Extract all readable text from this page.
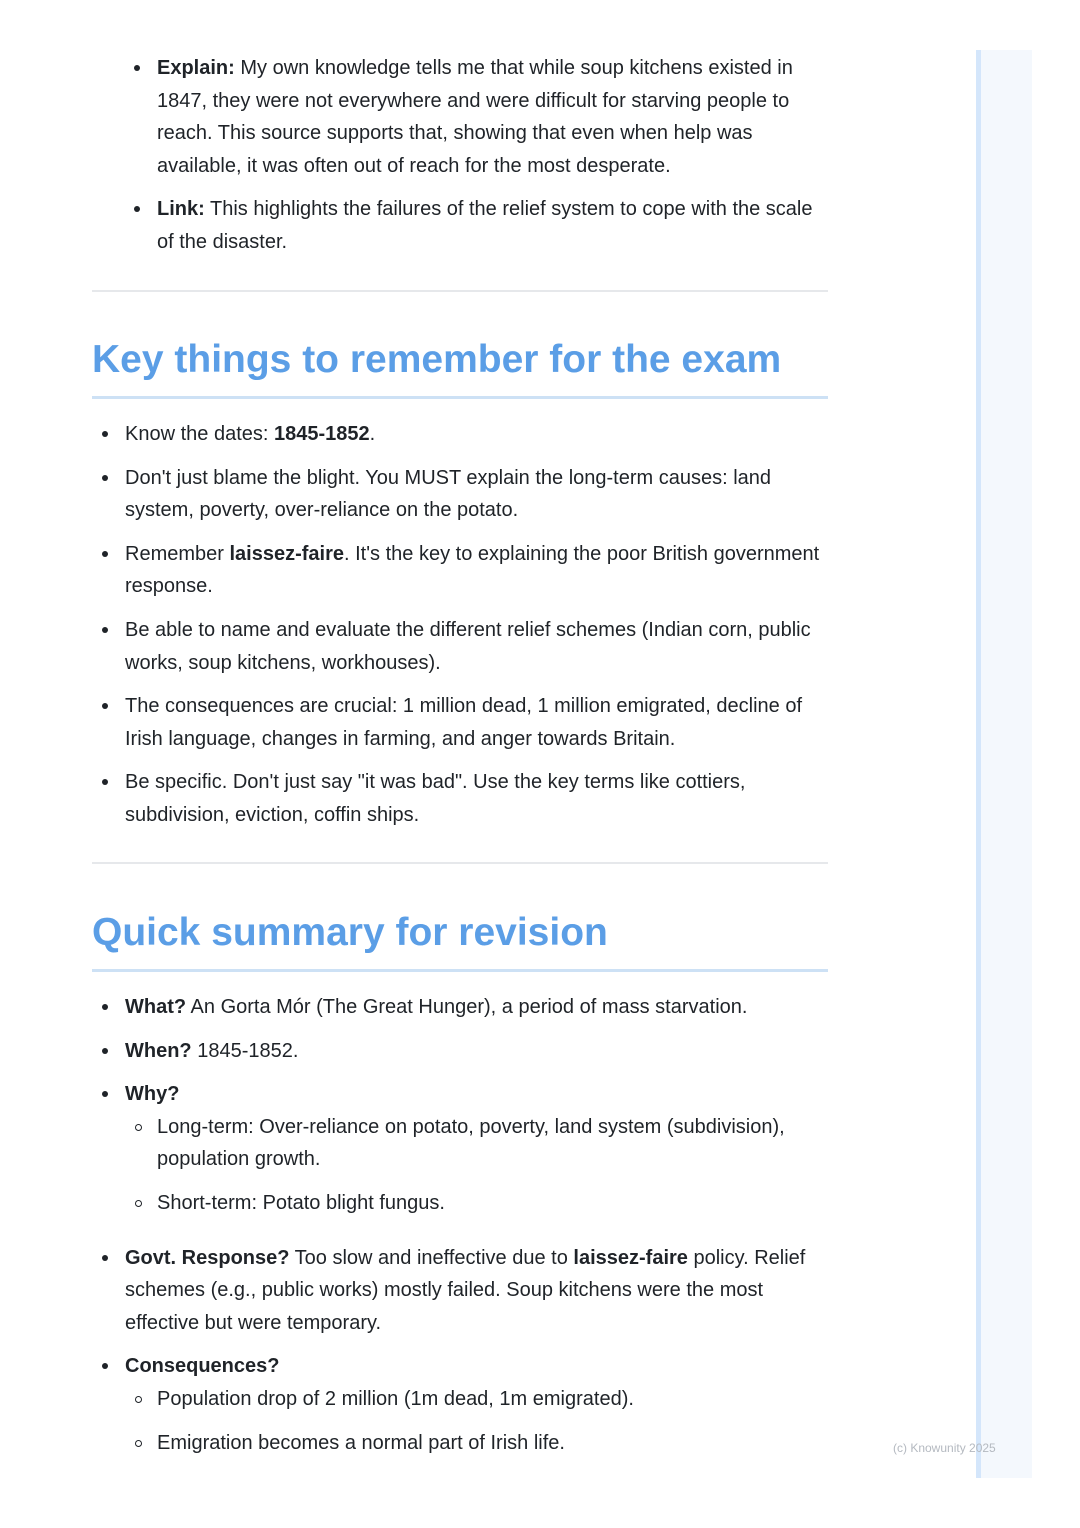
Explain: My own knowledge tells me that while soup kitchens existed in 1847, they were not everywhere and were difficult for starving people to reach. This source supports that, showing that even when help was available, it was often out of reach for the most desperate.
Link: This highlights the failures of the relief system to cope with the scale of the disaster.
Key things to remember for the exam
Know the dates: 1845-1852.
Don't just blame the blight. You MUST explain the long-term causes: land system, poverty, over-reliance on the potato.
Remember laissez-faire. It's the key to explaining the poor British government response.
Be able to name and evaluate the different relief schemes (Indian corn, public works, soup kitchens, workhouses).
The consequences are crucial: 1 million dead, 1 million emigrated, decline of Irish language, changes in farming, and anger towards Britain.
Be specific. Don't just say "it was bad". Use the key terms like cottiers, subdivision, eviction, coffin ships.
Quick summary for revision
What? An Gorta Mór (The Great Hunger), a period of mass starvation.
When? 1845-1852.
Why?
Long-term: Over-reliance on potato, poverty, land system (subdivision), population growth.
Short-term: Potato blight fungus.
Govt. Response? Too slow and ineffective due to laissez-faire policy. Relief schemes (e.g., public works) mostly failed. Soup kitchens were the most effective but were temporary.
Consequences?
Population drop of 2 million (1m dead, 1m emigrated).
Emigration becomes a normal part of Irish life.	(c) Knowunity 2025
